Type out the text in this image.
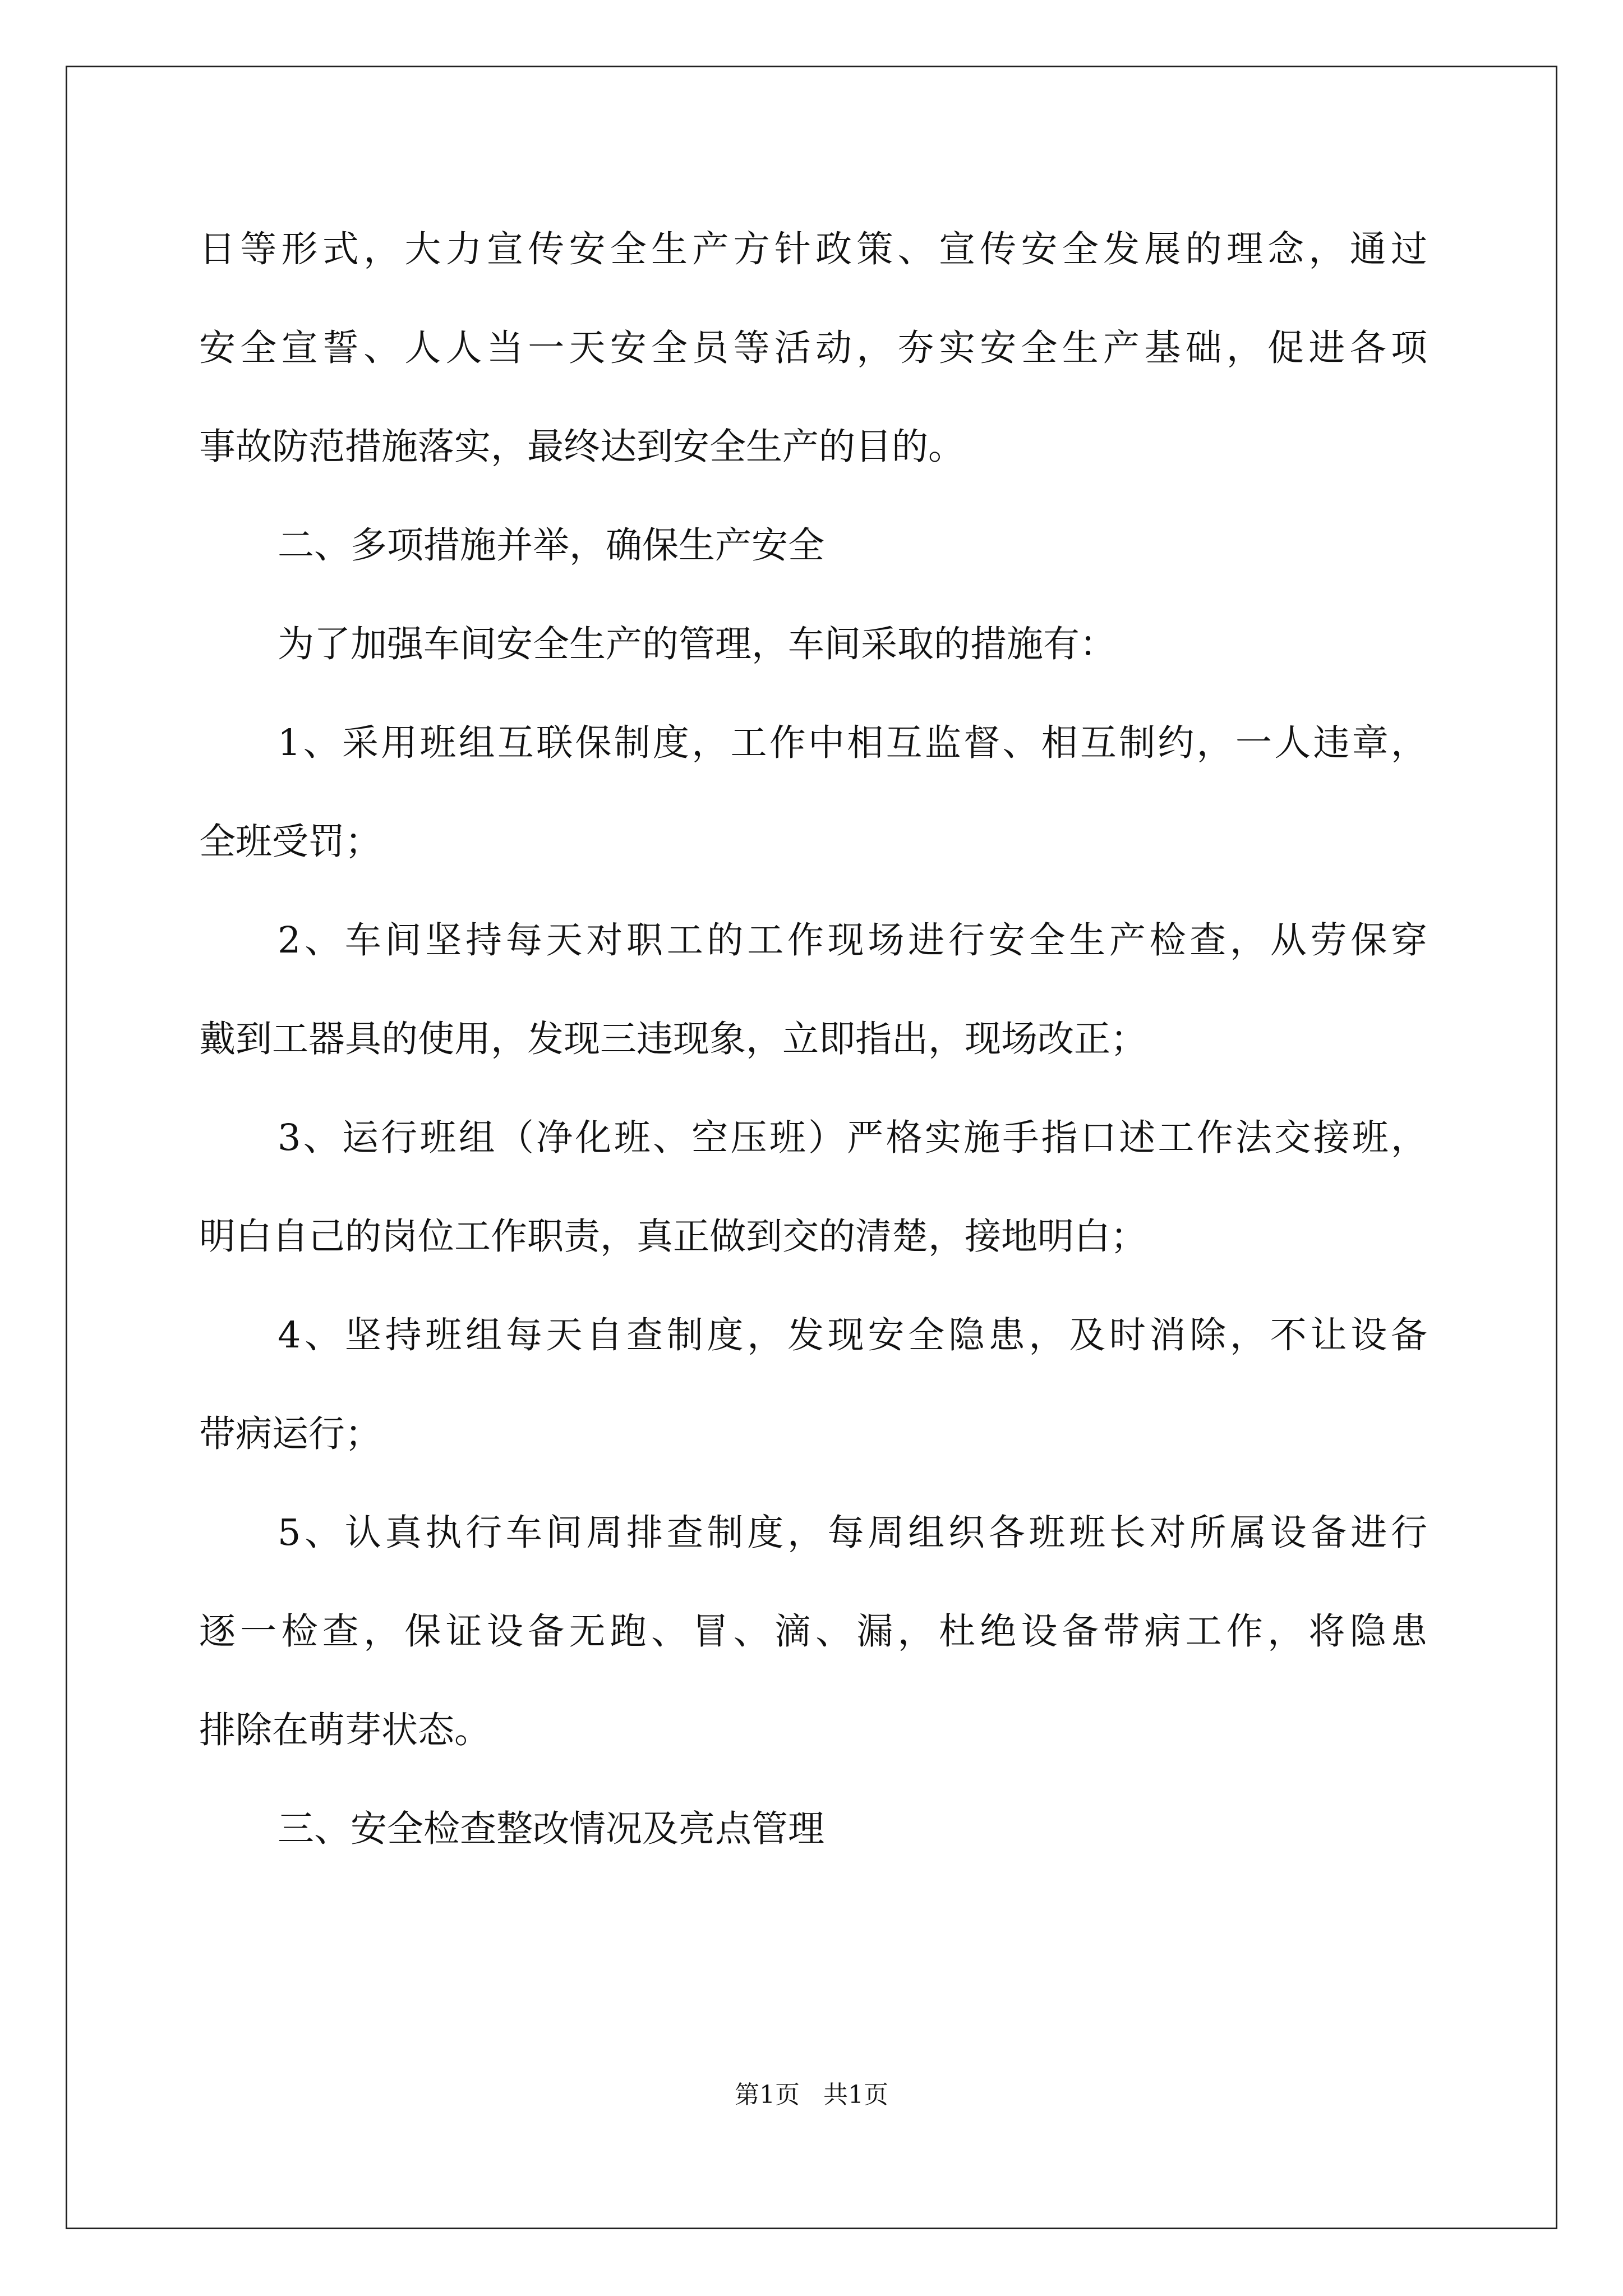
日等形式，大力宣传安全生产方针政策、宣传安全发展的理念，通过
安全宣誓、人人当一天安全员等活动，夯实安全生产基础，促进各项
事故防范措施落实，最终达到安全生产的目的。
二、多项措施并举，确保生产安全
为了加强车间安全生产的管理，车间采取的措施有：
1、采用班组互联保制度，工作中相互监督、相互制约，一人违章，
全班受罚；
2、车间坚持每天对职工的工作现场进行安全生产检查，从劳保穿
戴到工器具的使用，发现三违现象，立即指出，现场改正；
3、运行班组（净化班、空压班）严格实施手指口述工作法交接班，
明白自己的岗位工作职责，真正做到交的清楚，接地明白；
4、坚持班组每天自查制度，发现安全隐患，及时消除，不让设备
带病运行；
5、认真执行车间周排查制度，每周组织各班班长对所属设备进行
逐一检查，保证设备无跑、冒、滴、漏，杜绝设备带病工作，将隐患
排除在萌芽状态。
三、安全检查整改情况及亮点管理
第1页   共1页
